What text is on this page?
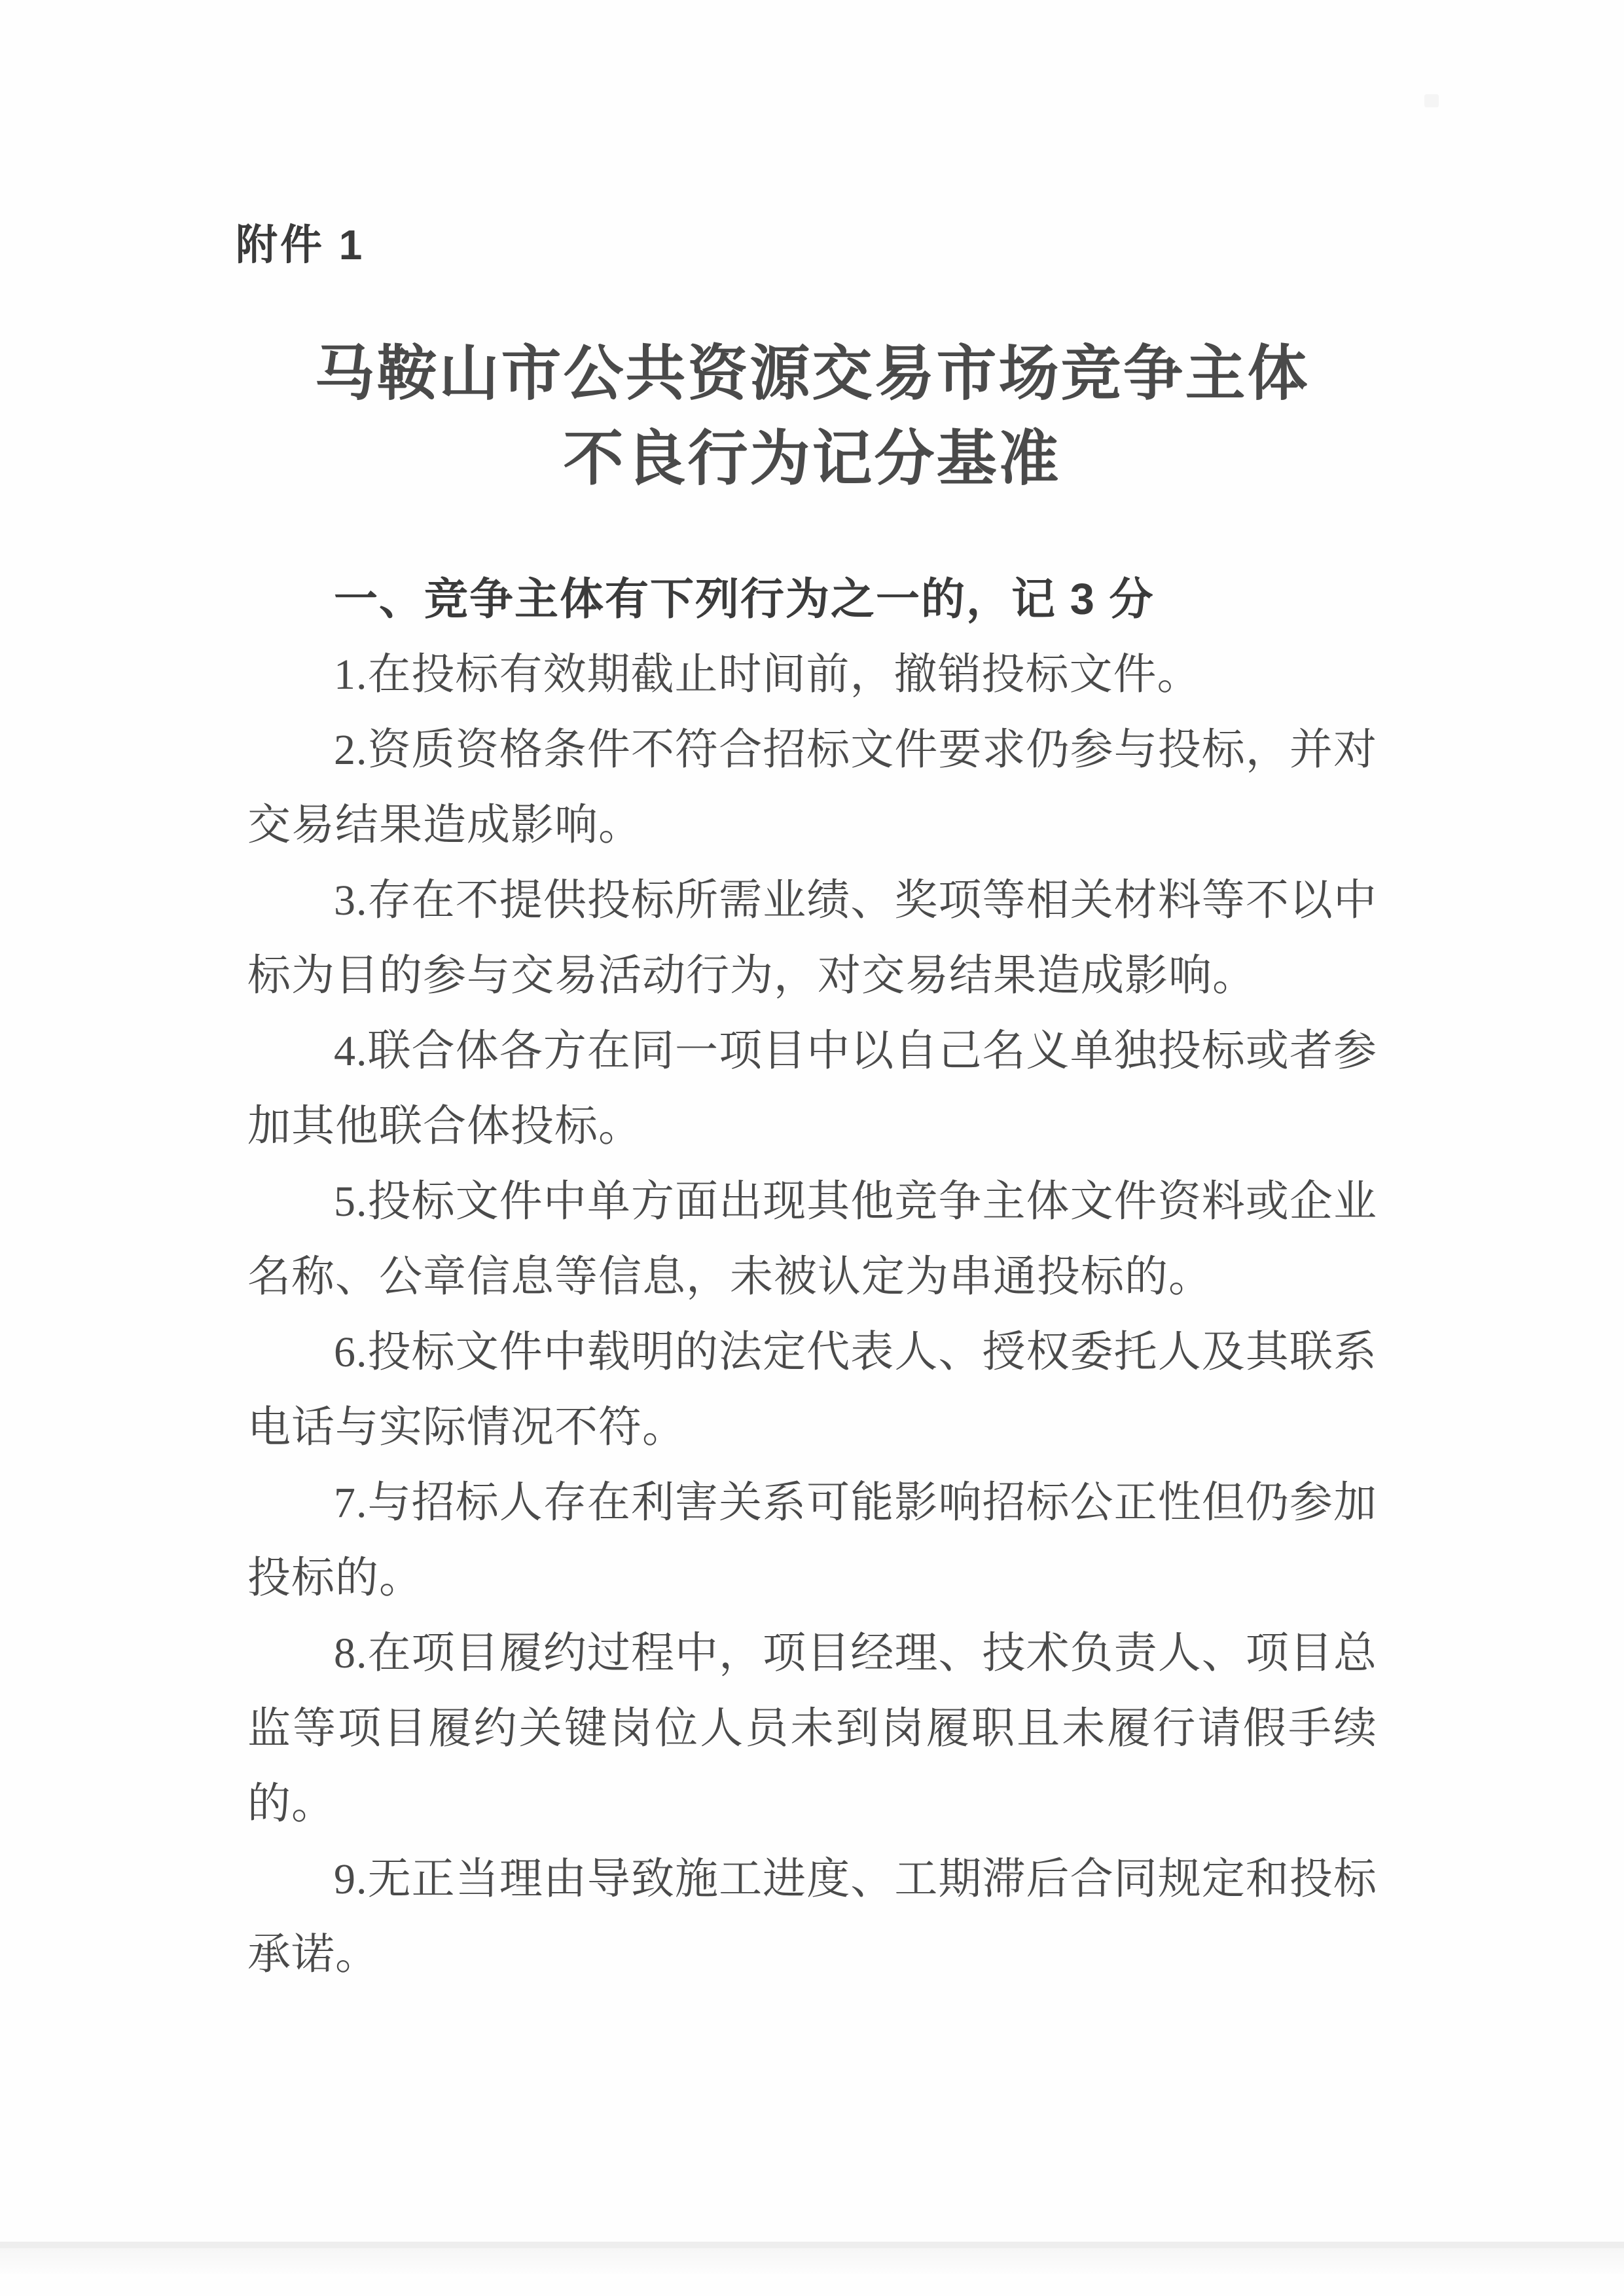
附件 1
马鞍山市公共资源交易市场竞争主体
不良行为记分基准

一、竞争主体有下列行为之一的，记 3 分

1.在投标有效期截止时间前，撤销投标文件。

2.资质资格条件不符合招标文件要求仍参与投标，并对交易结果造成影响。

3.存在不提供投标所需业绩、奖项等相关材料等不以中标为目的参与交易活动行为，对交易结果造成影响。

4.联合体各方在同一项目中以自己名义单独投标或者参加其他联合体投标。

5.投标文件中单方面出现其他竞争主体文件资料或企业名称、公章信息等信息，未被认定为串通投标的。

6.投标文件中载明的法定代表人、授权委托人及其联系电话与实际情况不符。

7.与招标人存在利害关系可能影响招标公正性但仍参加投标的。

8.在项目履约过程中，项目经理、技术负责人、项目总监等项目履约关键岗位人员未到岗履职且未履行请假手续的。

9.无正当理由导致施工进度、工期滞后合同规定和投标承诺。
